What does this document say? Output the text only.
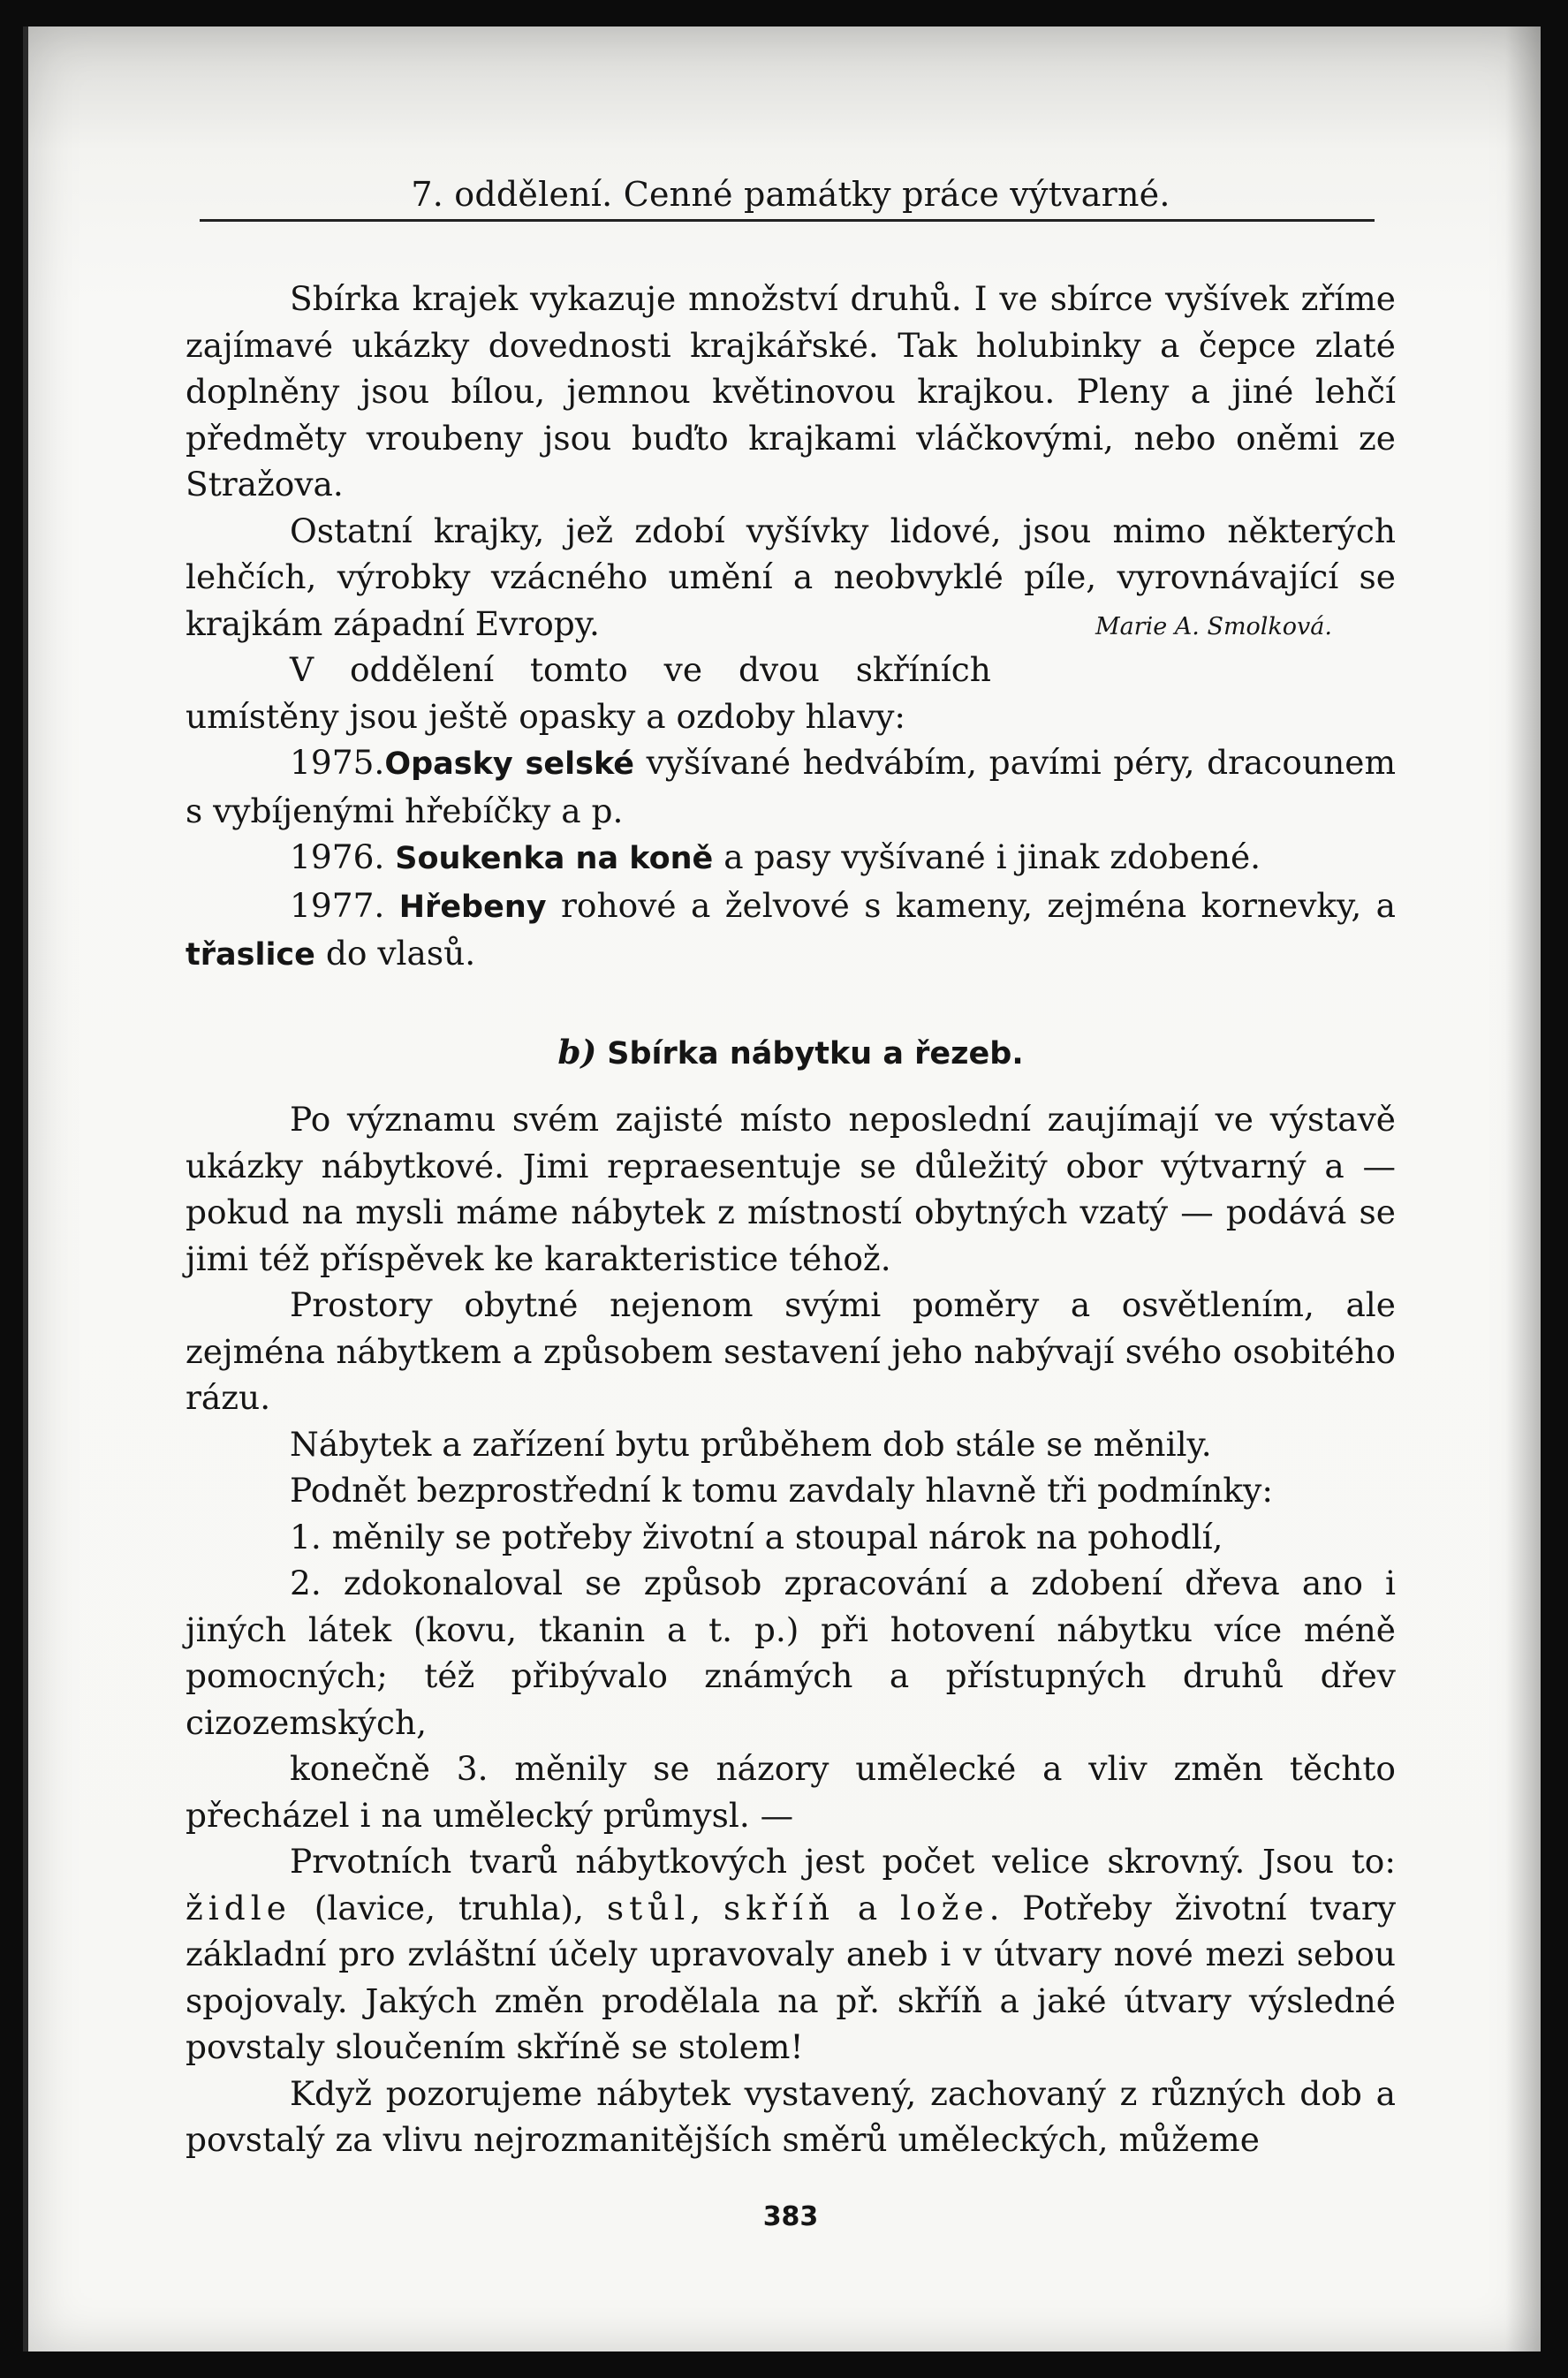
7. oddělení. Cenné památky práce výtvarné.

Sbírka krajek vykazuje množství druhů. I ve sbírce vyšívek zříme zajímavé ukázky dovednosti krajkářské. Tak holubinky a čepce zlaté doplněny jsou bílou, jemnou květinovou krajkou. Pleny a jiné lehčí předměty vroubeny jsou buďto krajkami vláčkovými, nebo oněmi ze Stražova.

Ostatní krajky, jež zdobí vyšívky lidové, jsou mimo některých lehčích, výrobky vzácného umění a neobvyklé píle, vyrovnávající se krajkám západní Evropy.	Marie A. Smolková.

V oddělení tomto ve dvou skříních umístěny jsou ještě opasky a ozdoby hlavy:

1975.Opasky selské vyšívané hedvábím, pavími péry, dracounem s vybíjenými hřebíčky a p.

1976. Soukenka na koně a pasy vyšívané i jinak zdobené.

1977. Hřebeny rohové a želvové s kameny, zejména kornevky, a třaslice do vlasů.

b) Sbírka nábytku a řezeb.

Po významu svém zajisté místo neposlední zaujímají ve výstavě ukázky nábytkové. Jimi repraesentuje se důležitý obor výtvarný a — pokud na mysli máme nábytek z místností obytných vzatý — podává se jimi též příspěvek ke karakteristice téhož.

Prostory obytné nejenom svými poměry a osvětlením, ale zejména nábytkem a způsobem sestavení jeho nabývají svého osobitého rázu.

Nábytek a zařízení bytu průběhem dob stále se měnily.

Podnět bezprostřední k tomu zavdaly hlavně tři podmínky:

1. měnily se potřeby životní a stoupal nárok na pohodlí,

2. zdokonaloval se způsob zpracování a zdobení dřeva ano i jiných látek (kovu, tkanin a t. p.) při hotovení nábytku více méně pomocných; též přibývalo známých a přístupných druhů dřev cizozemských,

konečně 3. měnily se názory umělecké a vliv změn těchto přecházel i na umělecký průmysl. —

Prvotních tvarů nábytkových jest počet velice skrovný. Jsou to: židle (lavice, truhla), stůl, skříň a lože. Potřeby životní tvary základní pro zvláštní účely upravovaly aneb i v útvary nové mezi sebou spojovaly. Jakých změn prodělala na př. skříň a jaké útvary výsledné povstaly sloučením skříně se stolem!

Když pozorujeme nábytek vystavený, zachovaný z různých dob a povstalý za vlivu nejrozmanitějších směrů uměleckých, můžeme

383
